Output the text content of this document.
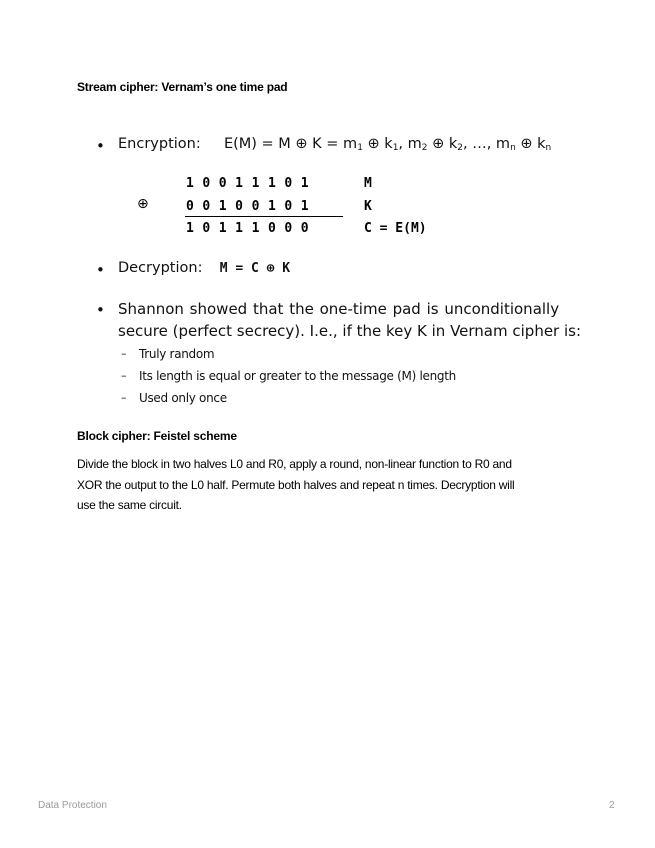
Stream cipher: Vernam’s one time pad
• Encryption: E(M) = M ⊕ $K = m_1$ ⊕ $k_1$, $m_2$ ⊕ $k_2$, …, $m_n$ ⊕ $k_n$
⊕
1 0 0 1 1 1 0 1	M
0 0 1 0 0 1 0 1	K
1 0 1 1 1 0 0 0	C = E(M)
• Decryption: M = C ⊕ K
• Shannon showed that the one-time pad is unconditionally
secure (perfect secrecy). I.e., if the key K in Vernam cipher is:
– Truly random
– Its length is equal or greater to the message (M) length
– Used only once
Block cipher: Feistel scheme
Divide the block in two halves L0 and R0, apply a round, non-linear function to R0 and
XOR the output to the L0 half. Permute both halves and repeat n times. Decryption will
use the same circuit.
Data Protection	2
